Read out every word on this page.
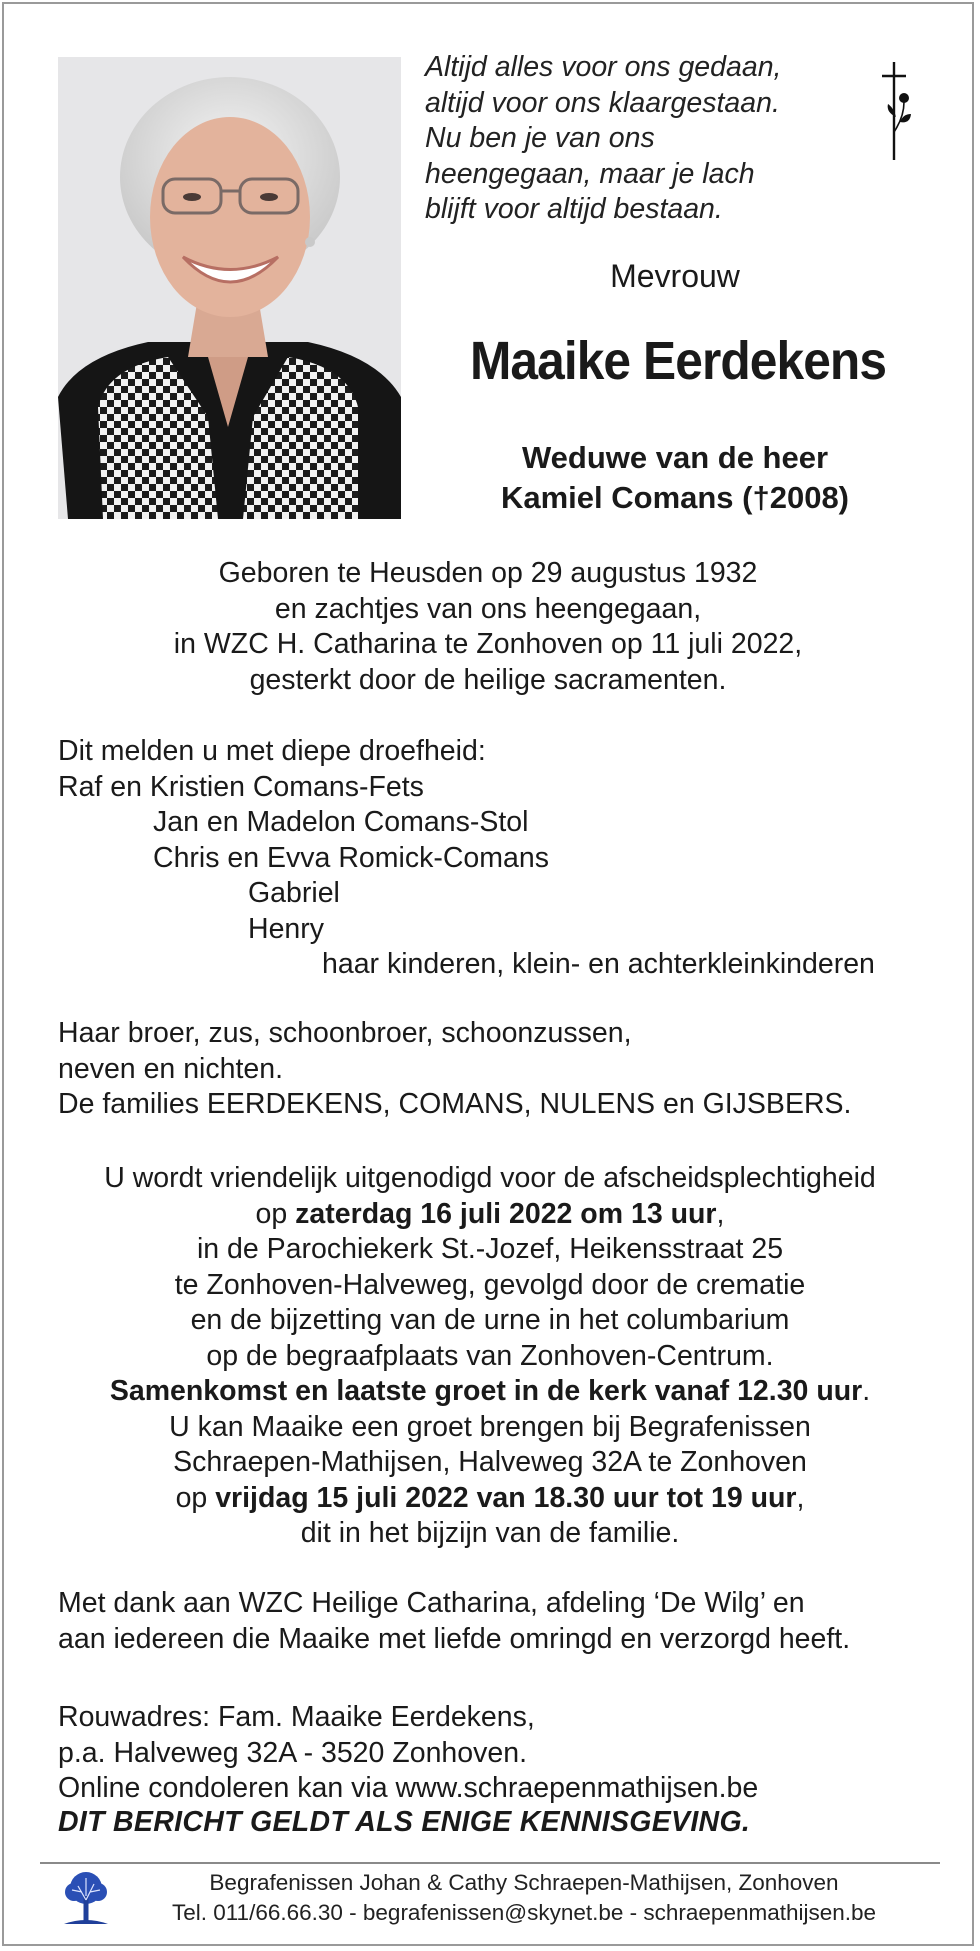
Altijd alles voor ons gedaan,
altijd voor ons klaargestaan.
Nu ben je van ons
heengegaan, maar je lach
blijft voor altijd bestaan.
Mevrouw
Maaike Eerdekens
Weduwe van de heer
Kamiel Comans (†2008)
Geboren te Heusden op 29 augustus 1932
en zachtjes van ons heengegaan,
in WZC H. Catharina te Zonhoven op 11 juli 2022,
gesterkt door de heilige sacramenten.
Dit melden u met diepe droefheid:
Raf en Kristien Comans-Fets
Jan en Madelon Comans-Stol
Chris en Evva Romick-Comans
Gabriel
Henry
haar kinderen, klein- en achterkleinkinderen
Haar broer, zus, schoonbroer, schoonzussen,
neven en nichten.
De families EERDEKENS, COMANS, NULENS en GIJSBERS.
U wordt vriendelijk uitgenodigd voor de afscheidsplechtigheid
op zaterdag 16 juli 2022 om 13 uur,
in de Parochiekerk St.-Jozef, Heikensstraat 25
te Zonhoven-Halveweg, gevolgd door de crematie
en de bijzetting van de urne in het columbarium
op de begraafplaats van Zonhoven-Centrum.
Samenkomst en laatste groet in de kerk vanaf 12.30 uur.
U kan Maaike een groet brengen bij Begrafenissen
Schraepen-Mathijsen, Halveweg 32A te Zonhoven
op vrijdag 15 juli 2022 van 18.30 uur tot 19 uur,
dit in het bijzijn van de familie.
Met dank aan WZC Heilige Catharina, afdeling ‘De Wilg’ en
aan iedereen die Maaike met liefde omringd en verzorgd heeft.
Rouwadres: Fam. Maaike Eerdekens,
p.a. Halveweg 32A - 3520 Zonhoven.
Online condoleren kan via www.schraepenmathijsen.be
DIT BERICHT GELDT ALS ENIGE KENNISGEVING.
Begrafenissen Johan & Cathy Schraepen-Mathijsen, Zonhoven
Tel. 011/66.66.30 - begrafenissen@skynet.be - schraepenmathijsen.be
